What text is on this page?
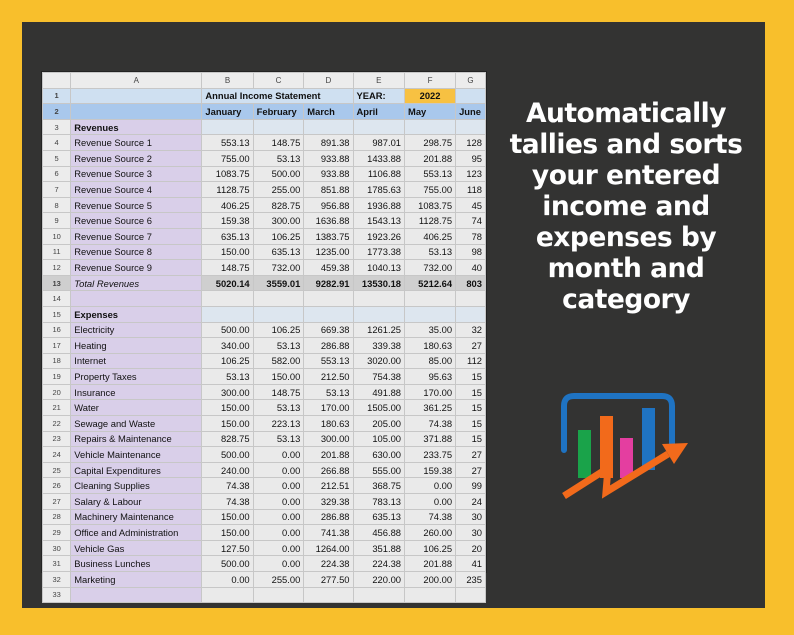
	A	B	C	D	E	F	G
1		Annual Income Statement			YEAR:	2022	
2		January	February	March	April	May	June
3	Revenues						
4	Revenue Source 1	553.13	148.75	891.38	987.01	298.75	128
5	Revenue Source 2	755.00	53.13	933.88	1433.88	201.88	95
6	Revenue Source 3	1083.75	500.00	933.88	1106.88	553.13	123
7	Revenue Source 4	1128.75	255.00	851.88	1785.63	755.00	118
8	Revenue Source 5	406.25	828.75	956.88	1936.88	1083.75	45
9	Revenue Source 6	159.38	300.00	1636.88	1543.13	1128.75	74
10	Revenue Source 7	635.13	106.25	1383.75	1923.26	406.25	78
11	Revenue Source 8	150.00	635.13	1235.00	1773.38	53.13	98
12	Revenue Source 9	148.75	732.00	459.38	1040.13	732.00	40
13	Total Revenues	5020.14	3559.01	9282.91	13530.18	5212.64	803
14							
15	Expenses						
16	Electricity	500.00	106.25	669.38	1261.25	35.00	32
17	Heating	340.00	53.13	286.88	339.38	180.63	27
18	Internet	106.25	582.00	553.13	3020.00	85.00	112
19	Property Taxes	53.13	150.00	212.50	754.38	95.63	15
20	Insurance	300.00	148.75	53.13	491.88	170.00	15
21	Water	150.00	53.13	170.00	1505.00	361.25	15
22	Sewage and Waste	150.00	223.13	180.63	205.00	74.38	15
23	Repairs & Maintenance	828.75	53.13	300.00	105.00	371.88	15
24	Vehicle Maintenance	500.00	0.00	201.88	630.00	233.75	27
25	Capital Expenditures	240.00	0.00	266.88	555.00	159.38	27
26	Cleaning Supplies	74.38	0.00	212.51	368.75	0.00	99
27	Salary & Labour	74.38	0.00	329.38	783.13	0.00	24
28	Machinery Maintenance	150.00	0.00	286.88	635.13	74.38	30
29	Office and Administration	150.00	0.00	741.38	456.88	260.00	30
30	Vehicle Gas	127.50	0.00	1264.00	351.88	106.25	20
31	Business Lunches	500.00	0.00	224.38	224.38	201.88	41
32	Marketing	0.00	255.00	277.50	220.00	200.00	235
33							
Automatically tallies and sorts your entered income and expenses by month and category
